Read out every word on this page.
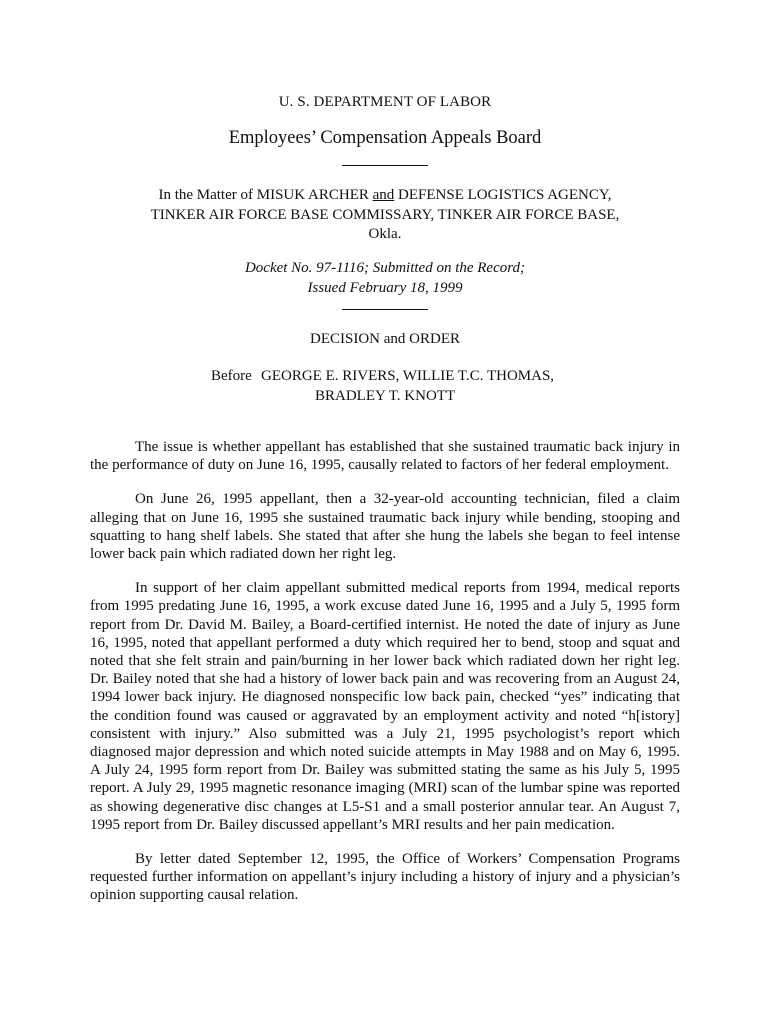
U. S. DEPARTMENT OF LABOR
Employees’ Compensation Appeals Board
In the Matter of MISUK ARCHER and DEFENSE LOGISTICS AGENCY,
TINKER AIR FORCE BASE COMMISSARY, TINKER AIR FORCE BASE,
Okla.
Docket No. 97-1116; Submitted on the Record;
Issued February 18, 1999
DECISION and ORDER
Before GEORGE E. RIVERS, WILLIE T.C. THOMAS,
BRADLEY T. KNOTT

The issue is whether appellant has established that she sustained traumatic back injury in the performance of duty on June 16, 1995, causally related to factors of her federal employment.

On June 26, 1995 appellant, then a 32-year-old accounting technician, filed a claim alleging that on June 16, 1995 she sustained traumatic back injury while bending, stooping and squatting to hang shelf labels. She stated that after she hung the labels she began to feel intense lower back pain which radiated down her right leg.

In support of her claim appellant submitted medical reports from 1994, medical reports from 1995 predating June 16, 1995, a work excuse dated June 16, 1995 and a July 5, 1995 form report from Dr. David M. Bailey, a Board-certified internist. He noted the date of injury as June 16, 1995, noted that appellant performed a duty which required her to bend, stoop and squat and noted that she felt strain and pain/burning in her lower back which radiated down her right leg. Dr. Bailey noted that she had a history of lower back pain and was recovering from an August 24, 1994 lower back injury. He diagnosed nonspecific low back pain, checked “yes” indicating that the condition found was caused or aggravated by an employment activity and noted “h[istory] consistent with injury.” Also submitted was a July 21, 1995 psychologist’s report which diagnosed major depression and which noted suicide attempts in May 1988 and on May 6, 1995. A July 24, 1995 form report from Dr. Bailey was submitted stating the same as his July 5, 1995 report. A July 29, 1995 magnetic resonance imaging (MRI) scan of the lumbar spine was reported as showing degenerative disc changes at L5-S1 and a small posterior annular tear. An August 7, 1995 report from Dr. Bailey discussed appellant’s MRI results and her pain medication.

By letter dated September 12, 1995, the Office of Workers’ Compensation Programs requested further information on appellant’s injury including a history of injury and a physician’s opinion supporting causal relation.
